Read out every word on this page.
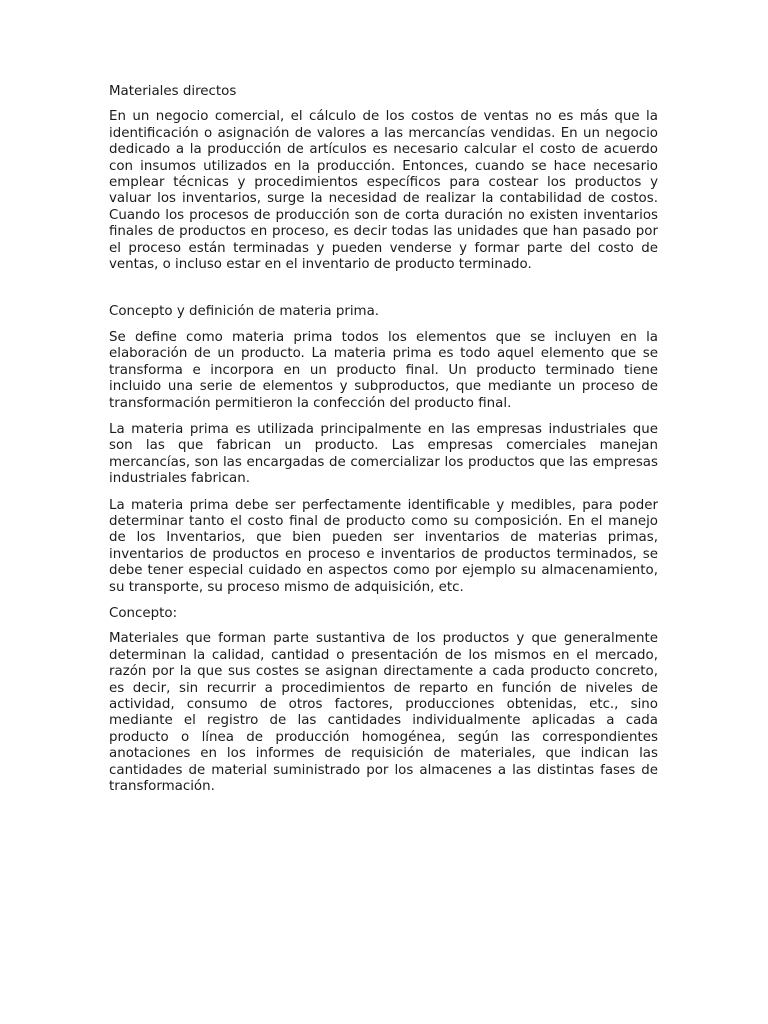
Materiales directos

En un negocio comercial, el cálculo de los costos de ventas no es más que la identificación o asignación de valores a las mercancías vendidas. En un negocio dedicado a la producción de artículos es necesario calcular el costo de acuerdo con insumos utilizados en la producción. Entonces, cuando se hace necesario emplear técnicas y procedimientos específicos para costear los productos y valuar los inventarios, surge la necesidad de realizar la contabilidad de costos. Cuando los procesos de producción son de corta duración no existen inventarios finales de productos en proceso, es decir todas las unidades que han pasado por el proceso están terminadas y pueden venderse y formar parte del costo de ventas, o incluso estar en el inventario de producto terminado.

Concepto y definición de materia prima.

Se define como materia prima todos los elementos que se incluyen en la elaboración de un producto. La materia prima es todo aquel elemento que se transforma e incorpora en un producto final. Un producto terminado tiene incluido una serie de elementos y subproductos, que mediante un proceso de transformación permitieron la confección del producto final.

La materia prima es utilizada principalmente en las empresas industriales que son las que fabrican un producto. Las empresas comerciales manejan mercancías, son las encargadas de comercializar los productos que las empresas industriales fabrican.

La materia prima debe ser perfectamente identificable y medibles, para poder determinar tanto el costo final de producto como su composición. En el manejo de los Inventarios, que bien pueden ser inventarios de materias primas, inventarios de productos en proceso e inventarios de productos terminados, se debe tener especial cuidado en aspectos como por ejemplo su almacenamiento, su transporte, su proceso mismo de adquisición, etc.

Concepto:

Materiales que forman parte sustantiva de los productos y que generalmente determinan la calidad, cantidad o presentación de los mismos en el mercado, razón por la que sus costes se asignan directamente a cada producto concreto, es decir, sin recurrir a procedimientos de reparto en función de niveles de actividad, consumo de otros factores, producciones obtenidas, etc., sino mediante el registro de las cantidades individualmente aplicadas a cada producto o línea de producción homogénea, según las correspondientes anotaciones en los informes de requisición de materiales, que indican las cantidades de material suministrado por los almacenes a las distintas fases de transformación.
